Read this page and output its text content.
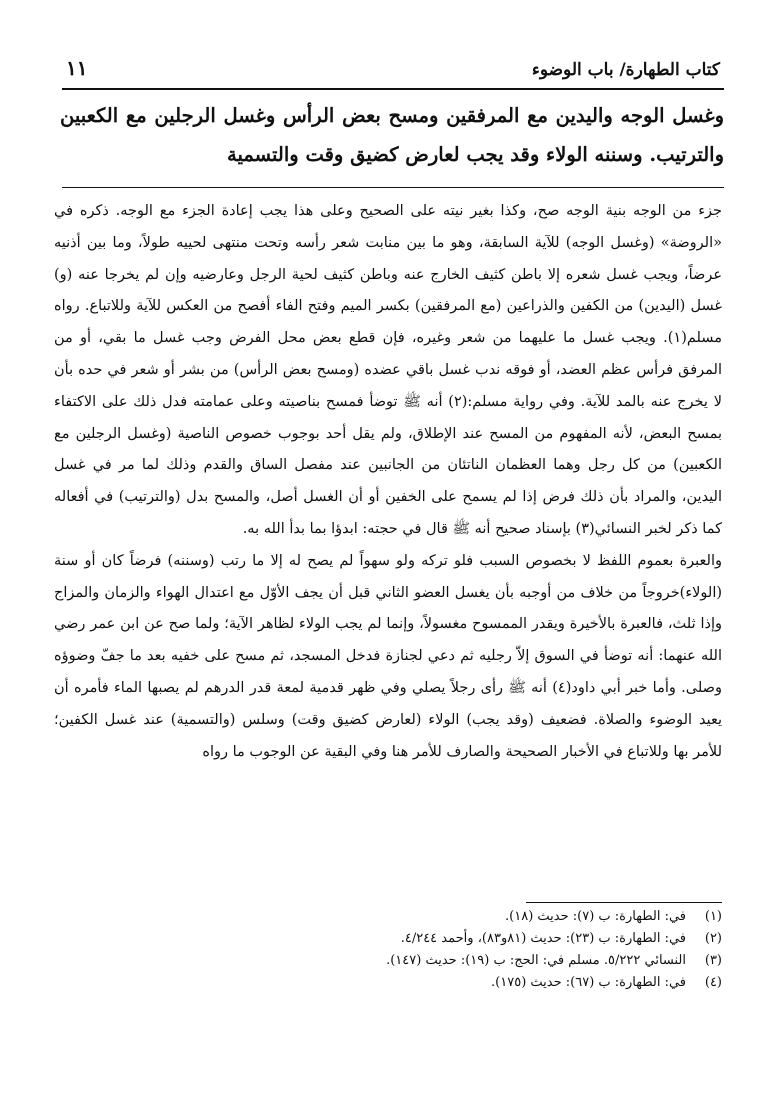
كتاب الطهارة/ باب الوضوء
١١
وغسل الوجه واليدين مع المرفقين ومسح بعض الرأس وغسل الرجلين مع الكعبين والترتيب. وسننه الولاء وقد يجب لعارض كضيق وقت والتسمية

جزء من الوجه بنية الوجه صح، وكذا بغير نيته على الصحيح وعلى هذا يجب إعادة الجزء مع الوجه. ذكره في «الروضة» (وغسل الوجه) للآية السابقة، وهو ما بين منابت شعر رأسه وتحت منتهى لحييه طولاً، وما بين أذنيه عرضاً، ويجب غسل شعره إلا باطن كثيف الخارج عنه وباطن كثيف لحية الرجل وعارضيه وإن لم يخرجا عنه (و) غسل (اليدين) من الكفين والذراعين (مع المرفقين) بكسر الميم وفتح الفاء أفصح من العكس للآية وللاتباع. رواه مسلم(١). ويجب غسل ما عليهما من شعر وغيره، فإن قطع بعض محل الفرض وجب غسل ما بقي، أو من المرفق فرأس عظم العضد، أو فوقه ندب غسل باقي عضده (ومسح بعض الرأس) من بشر أو شعر في حده بأن لا يخرج عنه بالمد للآية. وفي رواية مسلم:(٢) أنه ﷺ توضأ فمسح بناصيته وعلى عمامته فدل ذلك على الاكتفاء بمسح البعض، لأنه المفهوم من المسح عند الإطلاق، ولم يقل أحد بوجوب خصوص الناصية (وغسل الرجلين مع الكعبين) من كل رجل وهما العظمان الناتئان من الجانبين عند مفصل الساق والقدم وذلك لما مر في غسل اليدين، والمراد بأن ذلك فرض إذا لم يسمح على الخفين أو أن الغسل أصل، والمسح بدل (والترتيب) في أفعاله كما ذكر لخبر النسائي(٣) بإسناد صحيح أنه ﷺ قال في حجته: ابدؤا بما بدأ الله به.

والعبرة بعموم اللفظ لا بخصوص السبب فلو تركه ولو سهواً لم يصح له إلا ما رتب (وسننه) فرضاً كان أو سنة (الولاء)خروجاً من خلاف من أوجبه بأن يغسل العضو الثاني قبل أن يجف الأوّل مع اعتدال الهواء والزمان والمزاج وإذا ثلث، فالعبرة بالأخيرة ويقدر الممسوح مغسولاً، وإنما لم يجب الولاء لظاهر الآية؛ ولما صح عن ابن عمر رضي الله عنهما: أنه توضأ في السوق إلاّ رجليه ثم دعي لجنازة فدخل المسجد، ثم مسح على خفيه بعد ما جفّ وضوؤه وصلى. وأما خبر أبي داود(٤) أنه ﷺ رأى رجلاً يصلي وفي ظهر قدمية لمعة قدر الدرهم لم يصبها الماء فأمره أن يعيد الوضوء والصلاة. فضعيف (وقد يجب) الولاء (لعارض كضيق وقت) وسلس (والتسمية) عند غسل الكفين؛ للأمر بها وللاتباع في الأخبار الصحيحة والصارف للأمر هنا وفي البقية عن الوجوب ما رواه

(١)
في: الطهارة: ب (٧): حديث (١٨).
(٢)
في: الطهارة: ب (٢٣): حديث (٨١و٨٣)، وأحمد ٤/٢٤٤.
(٣)
النسائي ٥/٢٢٢. مسلم في: الحج: ب (١٩): حديث (١٤٧).
(٤)
في: الطهارة: ب (٦٧): حديث (١٧٥).
